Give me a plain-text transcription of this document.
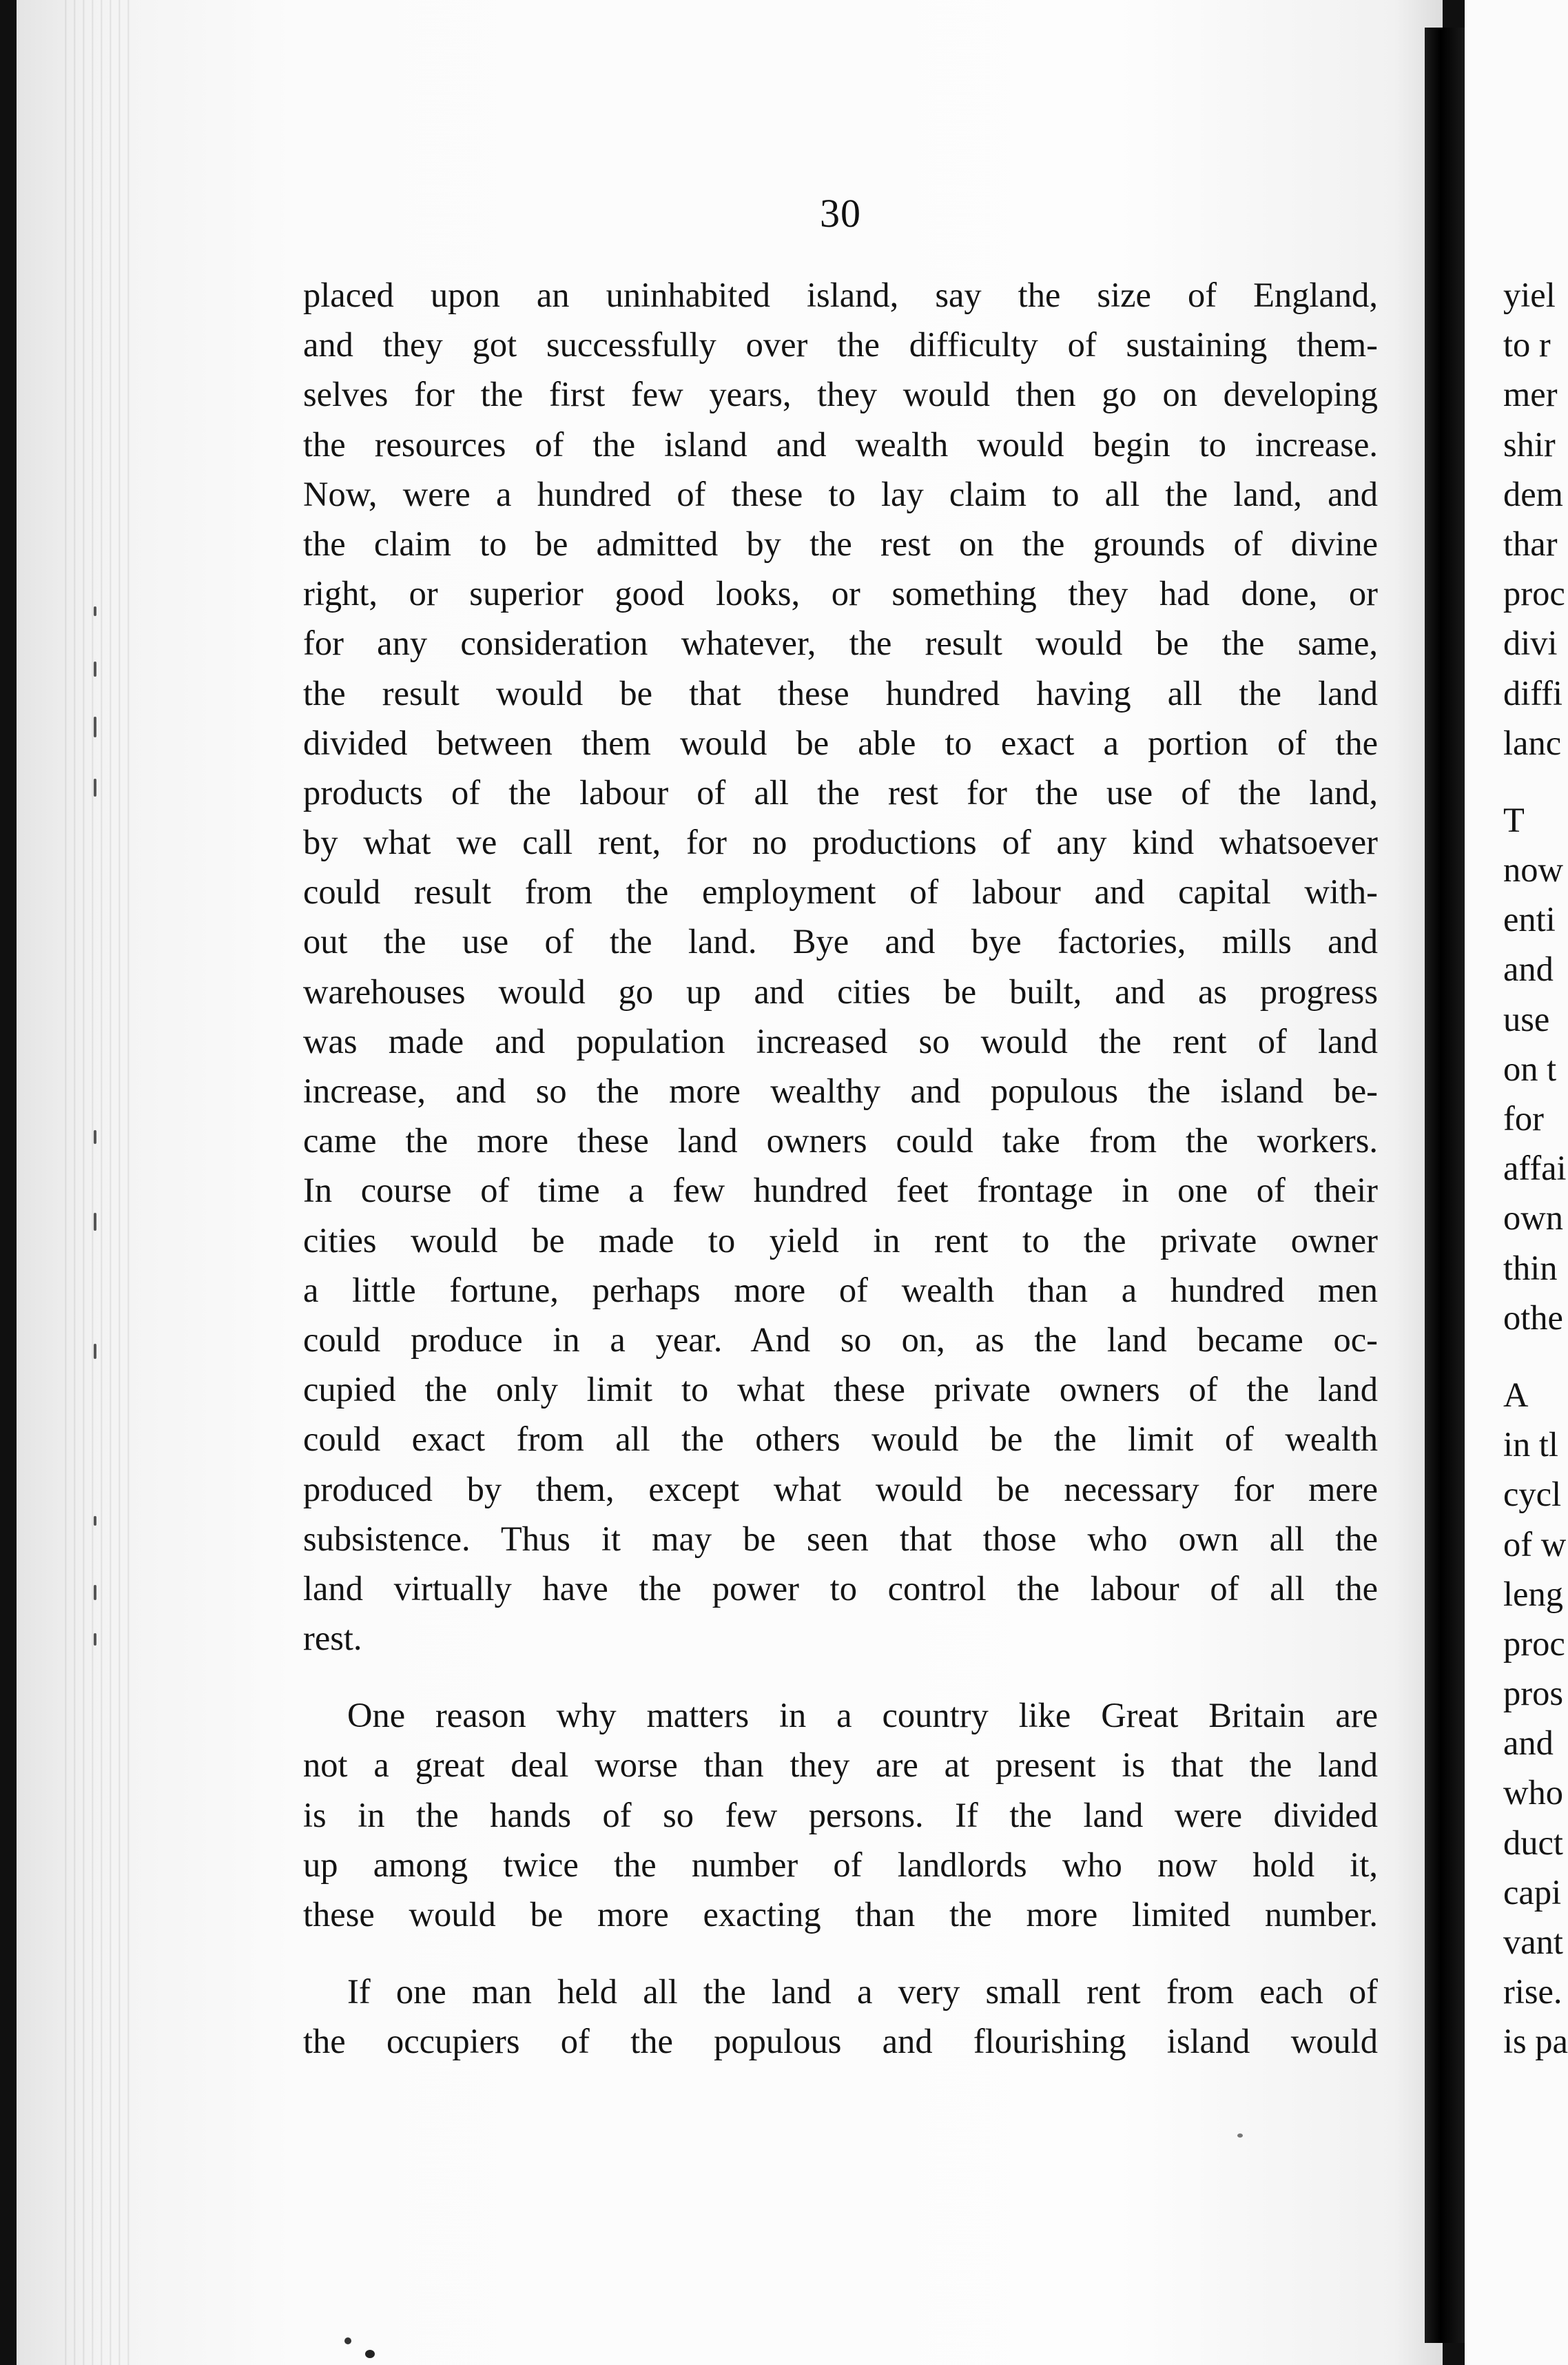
30
placed upon an uninhabited island, say the size of England,
and they got successfully over the difficulty of sustaining them-
selves for the first few years, they would then go on developing
the resources of the island and wealth would begin to increase.
Now, were a hundred of these to lay claim to all the land, and
the claim to be admitted by the rest on the grounds of divine
right, or superior good looks, or something they had done, or
for any consideration whatever, the result would be the same,
the result would be that these hundred having all the land
divided between them would be able to exact a portion of the
products of the labour of all the rest for the use of the land,
by what we call rent, for no productions of any kind whatsoever
could result from the employment of labour and capital with-
out the use of the land. Bye and bye factories, mills and
warehouses would go up and cities be built, and as progress
was made and population increased so would the rent of land
increase, and so the more wealthy and populous the island be-
came the more these land owners could take from the workers.
In course of time a few hundred feet frontage in one of their
cities would be made to yield in rent to the private owner
a little fortune, perhaps more of wealth than a hundred men
could produce in a year. And so on, as the land became oc-
cupied the only limit to what these private owners of the land
could exact from all the others would be the limit of wealth
produced by them, except what would be necessary for mere
subsistence. Thus it may be seen that those who own all the
land virtually have the power to control the labour of all the
rest.
One reason why matters in a country like Great Britain are
not a great deal worse than they are at present is that the land
is in the hands of so few persons. If the land were divided
up among twice the number of landlords who now hold it,
these would be more exacting than the more limited number.
If one man held all the land a very small rent from each of
the occupiers of the populous and flourishing island would
yiel
to r
mer
shir
dem
thar
proc
divi
diffi
lanc
T
now
enti
and
use
on t
for
affai
own
thin
othe
A
in tl
cycl
of w
leng
proc
pros
and
who
duct
capi
vant
rise.
is pa
